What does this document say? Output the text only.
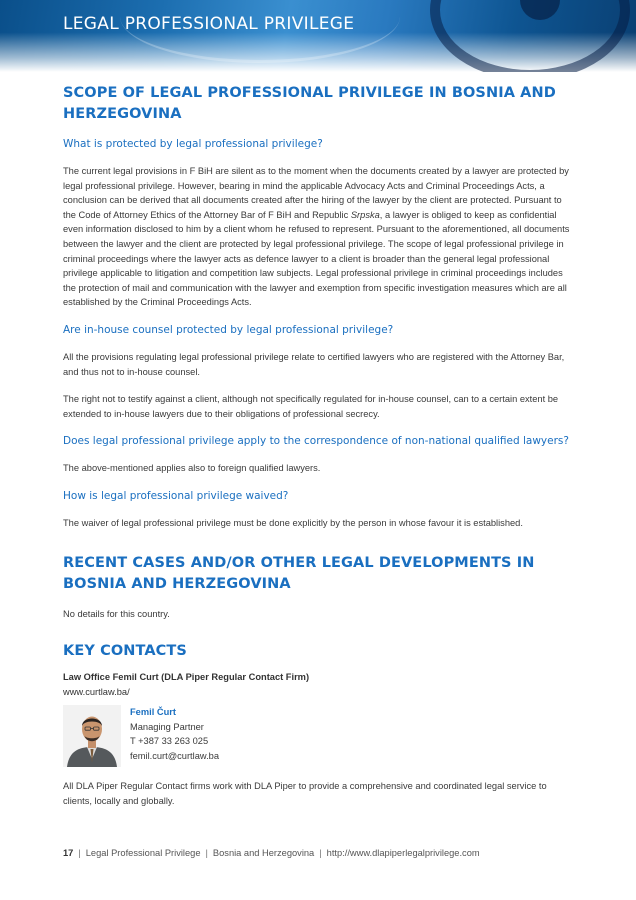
LEGAL PROFESSIONAL PRIVILEGE
SCOPE OF LEGAL PROFESSIONAL PRIVILEGE IN BOSNIA AND HERZEGOVINA
What is protected by legal professional privilege?

The current legal provisions in F BiH are silent as to the moment when the documents created by a lawyer are protected by legal professional privilege. However, bearing in mind the applicable Advocacy Acts and Criminal Proceedings Acts, a conclusion can be derived that all documents created after the hiring of the lawyer by the client are protected. Pursuant to the Code of Attorney Ethics of the Attorney Bar of F BiH and Republic Srpska, a lawyer is obliged to keep as confidential even information disclosed to him by a client whom he refused to represent. Pursuant to the aforementioned, all documents between the lawyer and the client are protected by legal professional privilege. The scope of legal professional privilege in criminal proceedings where the lawyer acts as defence lawyer to a client is broader than the general legal professional privilege applicable to litigation and competition law subjects. Legal professional privilege in criminal proceedings includes the protection of mail and communication with the lawyer and exemption from specific investigation measures which are all established by the Criminal Proceedings Acts.

Are in-house counsel protected by legal professional privilege?

All the provisions regulating legal professional privilege relate to certified lawyers who are registered with the Attorney Bar, and thus not to in-house counsel.

The right not to testify against a client, although not specifically regulated for in-house counsel, can to a certain extent be extended to in-house lawyers due to their obligations of professional secrecy.

Does legal professional privilege apply to the correspondence of non-national qualified lawyers?

The above-mentioned applies also to foreign qualified lawyers.

How is legal professional privilege waived?

The waiver of legal professional privilege must be done explicitly by the person in whose favour it is established.

RECENT CASES AND/OR OTHER LEGAL DEVELOPMENTS IN BOSNIA AND HERZEGOVINA

No details for this country.

KEY CONTACTS
Law Office Femil Curt (DLA Piper Regular Contact Firm)
www.curtlaw.ba/
Femil Čurt
Managing Partner
T +387 33 263 025
femil.curt@curtlaw.ba

All DLA Piper Regular Contact firms work with DLA Piper to provide a comprehensive and coordinated legal service to clients, locally and globally.

17 | Legal Professional Privilege | Bosnia and Herzegovina | http://www.dlapiperlegalprivilege.com
